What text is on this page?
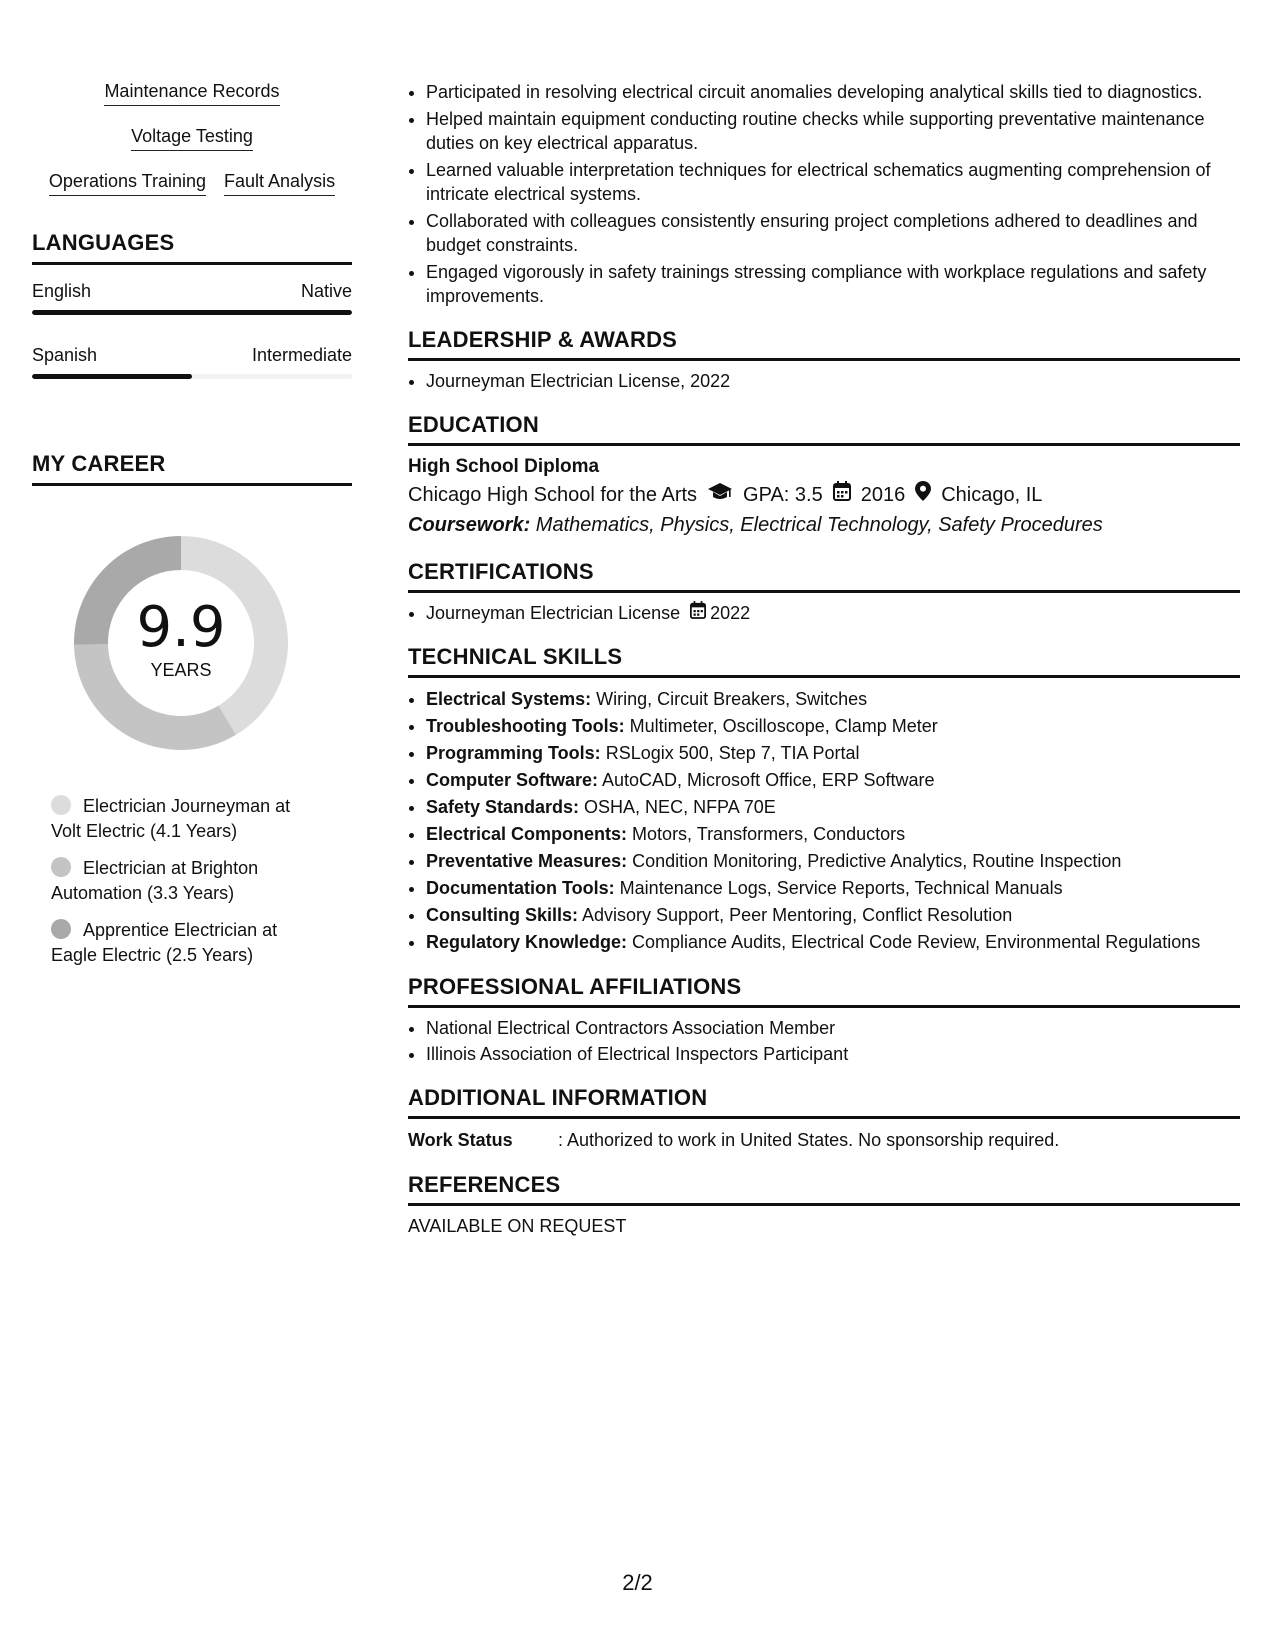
Maintenance Records
Voltage Testing
Operations Training Fault Analysis
LANGUAGES
English	Native
Spanish	Intermediate
MY CAREER
9.9
YEARS
Electrician Journeyman at Volt Electric (4.1 Years)
Electrician at Brighton Automation (3.3 Years)
Apprentice Electrician at Eagle Electric (2.5 Years)
• Participated in resolving electrical circuit anomalies developing analytical skills tied to diagnostics.
• Helped maintain equipment conducting routine checks while supporting preventative maintenance duties on key electrical apparatus.
• Learned valuable interpretation techniques for electrical schematics augmenting comprehension of intricate electrical systems.
• Collaborated with colleagues consistently ensuring project completions adhered to deadlines and budget constraints.
• Engaged vigorously in safety trainings stressing compliance with workplace regulations and safety improvements.
LEADERSHIP & AWARDS
• Journeyman Electrician License, 2022
EDUCATION
High School Diploma
Chicago High School for the Arts GPA: 3.5 2016 Chicago, IL
Coursework: Mathematics, Physics, Electrical Technology, Safety Procedures
CERTIFICATIONS
• Journeyman Electrician License 2022
TECHNICAL SKILLS
• Electrical Systems: Wiring, Circuit Breakers, Switches
• Troubleshooting Tools: Multimeter, Oscilloscope, Clamp Meter
• Programming Tools: RSLogix 500, Step 7, TIA Portal
• Computer Software: AutoCAD, Microsoft Office, ERP Software
• Safety Standards: OSHA, NEC, NFPA 70E
• Electrical Components: Motors, Transformers, Conductors
• Preventative Measures: Condition Monitoring, Predictive Analytics, Routine Inspection
• Documentation Tools: Maintenance Logs, Service Reports, Technical Manuals
• Consulting Skills: Advisory Support, Peer Mentoring, Conflict Resolution
• Regulatory Knowledge: Compliance Audits, Electrical Code Review, Environmental Regulations
PROFESSIONAL AFFILIATIONS
• National Electrical Contractors Association Member
• Illinois Association of Electrical Inspectors Participant
ADDITIONAL INFORMATION
Work Status	: Authorized to work in United States. No sponsorship required.
REFERENCES
AVAILABLE ON REQUEST
2/2
